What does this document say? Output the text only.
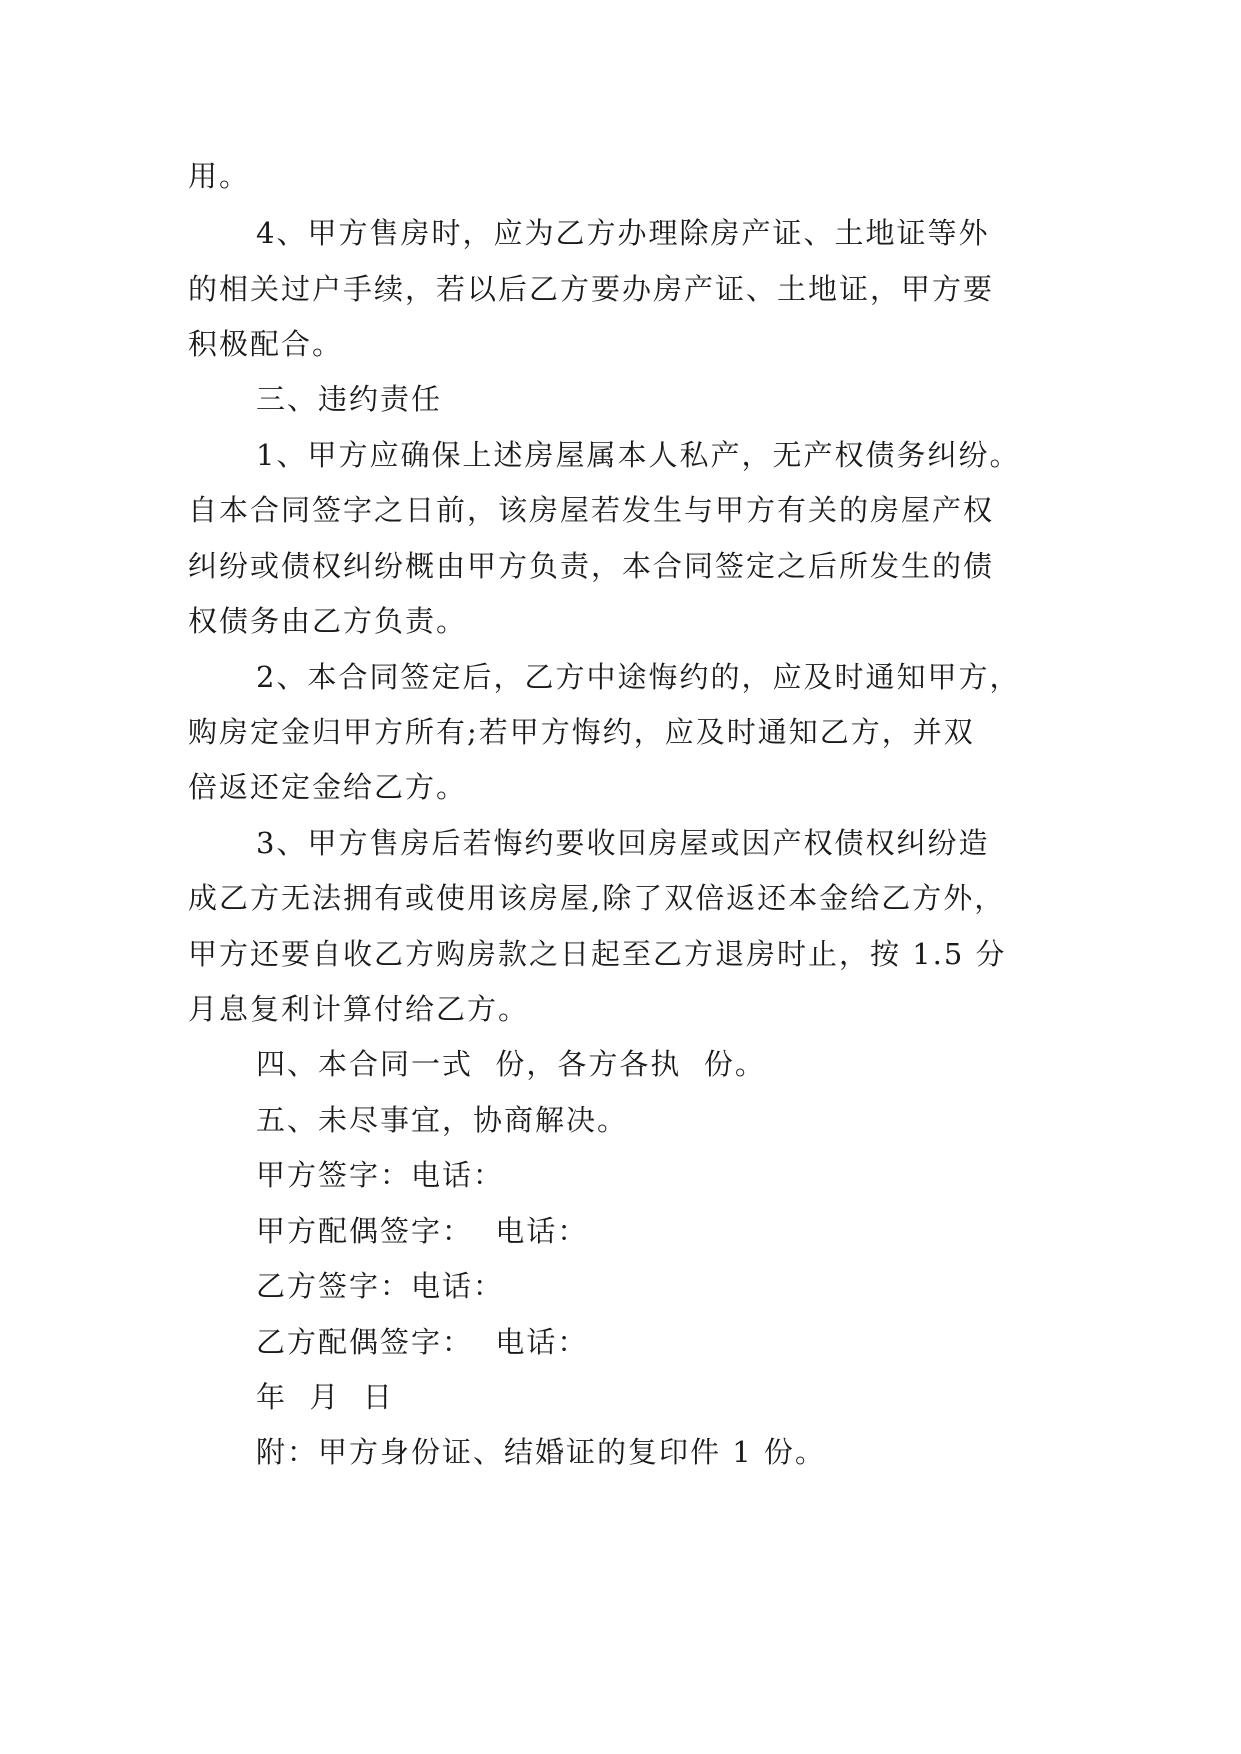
用。
4、甲方售房时，应为乙方办理除房产证、土地证等外
的相关过户手续，若以后乙方要办房产证、土地证，甲方要
积极配合。
三、违约责任
1、甲方应确保上述房屋属本人私产，无产权债务纠纷。
自本合同签字之日前，该房屋若发生与甲方有关的房屋产权
纠纷或债权纠纷概由甲方负责，本合同签定之后所发生的债
权债务由乙方负责。
2、本合同签定后，乙方中途悔约的，应及时通知甲方，
购房定金归甲方所有;若甲方悔约，应及时通知乙方，并双
倍返还定金给乙方。
3、甲方售房后若悔约要收回房屋或因产权债权纠纷造
成乙方无法拥有或使用该房屋,除了双倍返还本金给乙方外，
甲方还要自收乙方购房款之日起至乙方退房时止，按 1.5 分
月息复利计算付给乙方。
四、本合同一式  份，各方各执  份。
五、未尽事宜，协商解决。
甲方签字：电话：
甲方配偶签字：  电话：
乙方签字：电话：
乙方配偶签字：  电话：
年  月  日
附：甲方身份证、结婚证的复印件 1 份。
